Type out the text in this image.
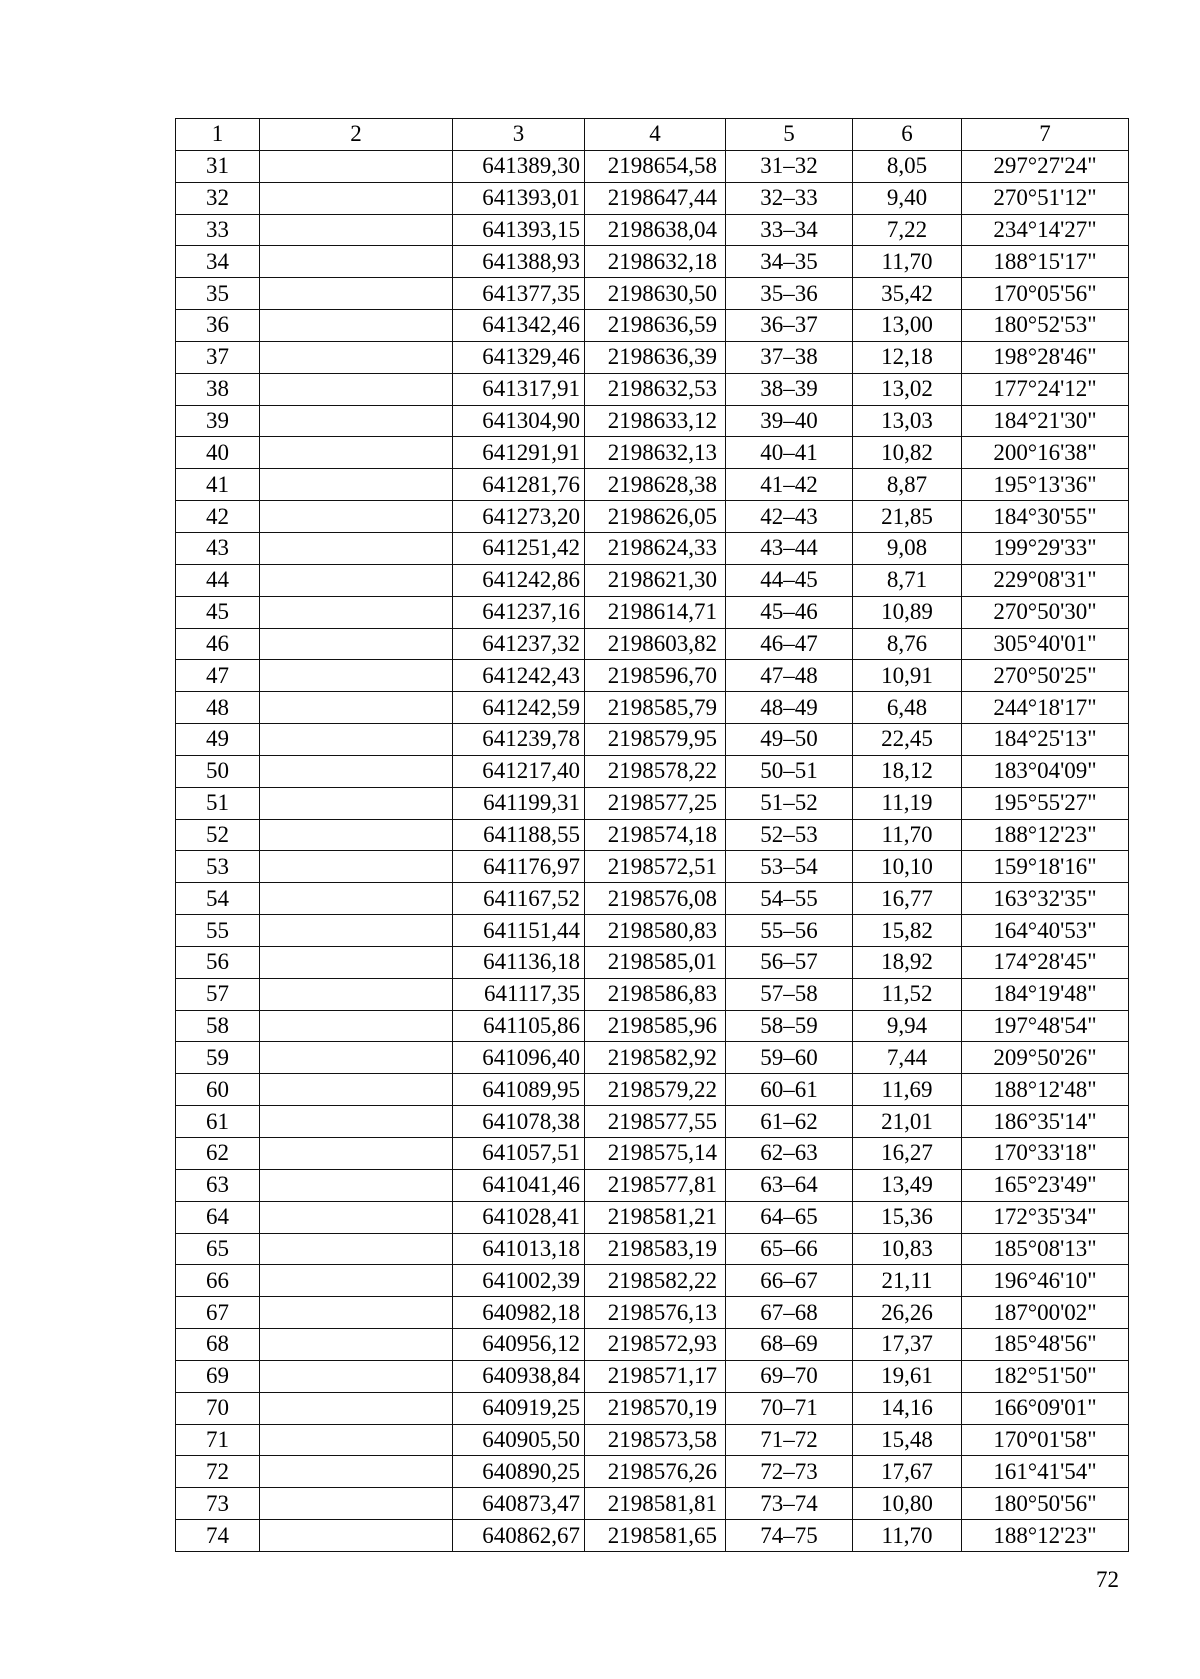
1	2	3	4	5	6	7
31		641389,30	2198654,58	31–32	8,05	297°27'24"
32		641393,01	2198647,44	32–33	9,40	270°51'12"
33		641393,15	2198638,04	33–34	7,22	234°14'27"
34		641388,93	2198632,18	34–35	11,70	188°15'17"
35		641377,35	2198630,50	35–36	35,42	170°05'56"
36		641342,46	2198636,59	36–37	13,00	180°52'53"
37		641329,46	2198636,39	37–38	12,18	198°28'46"
38		641317,91	2198632,53	38–39	13,02	177°24'12"
39		641304,90	2198633,12	39–40	13,03	184°21'30"
40		641291,91	2198632,13	40–41	10,82	200°16'38"
41		641281,76	2198628,38	41–42	8,87	195°13'36"
42		641273,20	2198626,05	42–43	21,85	184°30'55"
43		641251,42	2198624,33	43–44	9,08	199°29'33"
44		641242,86	2198621,30	44–45	8,71	229°08'31"
45		641237,16	2198614,71	45–46	10,89	270°50'30"
46		641237,32	2198603,82	46–47	8,76	305°40'01"
47		641242,43	2198596,70	47–48	10,91	270°50'25"
48		641242,59	2198585,79	48–49	6,48	244°18'17"
49		641239,78	2198579,95	49–50	22,45	184°25'13"
50		641217,40	2198578,22	50–51	18,12	183°04'09"
51		641199,31	2198577,25	51–52	11,19	195°55'27"
52		641188,55	2198574,18	52–53	11,70	188°12'23"
53		641176,97	2198572,51	53–54	10,10	159°18'16"
54		641167,52	2198576,08	54–55	16,77	163°32'35"
55		641151,44	2198580,83	55–56	15,82	164°40'53"
56		641136,18	2198585,01	56–57	18,92	174°28'45"
57		641117,35	2198586,83	57–58	11,52	184°19'48"
58		641105,86	2198585,96	58–59	9,94	197°48'54"
59		641096,40	2198582,92	59–60	7,44	209°50'26"
60		641089,95	2198579,22	60–61	11,69	188°12'48"
61		641078,38	2198577,55	61–62	21,01	186°35'14"
62		641057,51	2198575,14	62–63	16,27	170°33'18"
63		641041,46	2198577,81	63–64	13,49	165°23'49"
64		641028,41	2198581,21	64–65	15,36	172°35'34"
65		641013,18	2198583,19	65–66	10,83	185°08'13"
66		641002,39	2198582,22	66–67	21,11	196°46'10"
67		640982,18	2198576,13	67–68	26,26	187°00'02"
68		640956,12	2198572,93	68–69	17,37	185°48'56"
69		640938,84	2198571,17	69–70	19,61	182°51'50"
70		640919,25	2198570,19	70–71	14,16	166°09'01"
71		640905,50	2198573,58	71–72	15,48	170°01'58"
72		640890,25	2198576,26	72–73	17,67	161°41'54"
73		640873,47	2198581,81	73–74	10,80	180°50'56"
74		640862,67	2198581,65	74–75	11,70	188°12'23"
72
